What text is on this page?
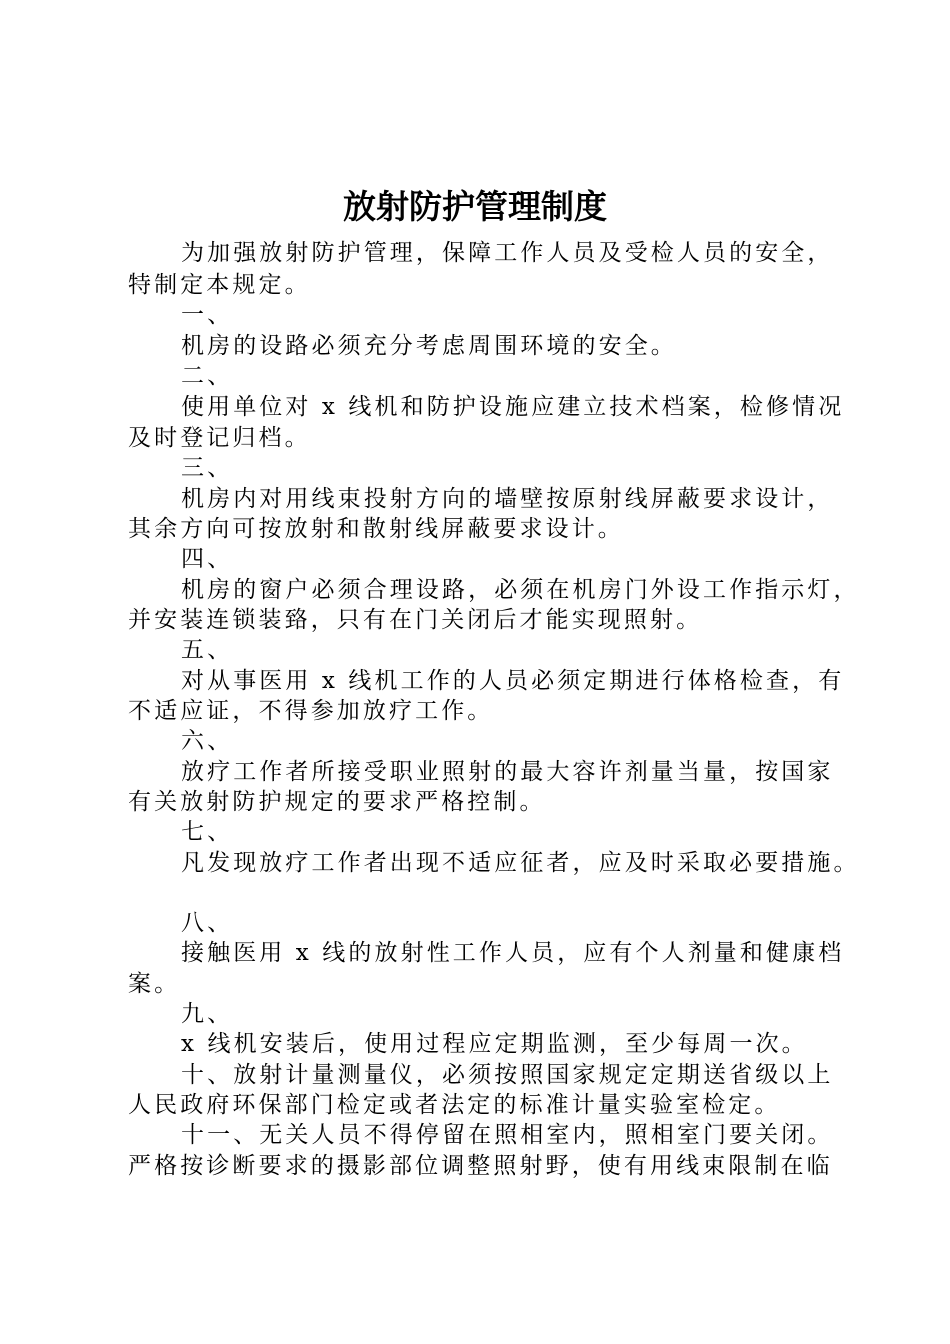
放射防护管理制度
为加强放射防护管理，保障工作人员及受检人员的安全，
特制定本规定。
一、
机房的设路必须充分考虑周围环境的安全。
二、
使用单位对 x 线机和防护设施应建立技术档案，检修情况
及时登记归档。
三、
机房内对用线束投射方向的墙壁按原射线屏蔽要求设计，
其余方向可按放射和散射线屏蔽要求设计。
四、
机房的窗户必须合理设路，必须在机房门外设工作指示灯，
并安装连锁装臵，只有在门关闭后才能实现照射。
五、
对从事医用 x 线机工作的人员必须定期进行体格检查，有
不适应证，不得参加放疗工作。
六、
放疗工作者所接受职业照射的最大容许剂量当量，按国家
有关放射防护规定的要求严格控制。
七、
凡发现放疗工作者出现不适应征者，应及时采取必要措施。
八、
接触医用 x 线的放射性工作人员，应有个人剂量和健康档
案。
九、
x 线机安装后，使用过程应定期监测，至少每周一次。
十、放射计量测量仪，必须按照国家规定定期送省级以上
人民政府环保部门检定或者法定的标准计量实验室检定。
十一、无关人员不得停留在照相室内，照相室门要关闭。
严格按诊断要求的摄影部位调整照射野，使有用线束限制在临
